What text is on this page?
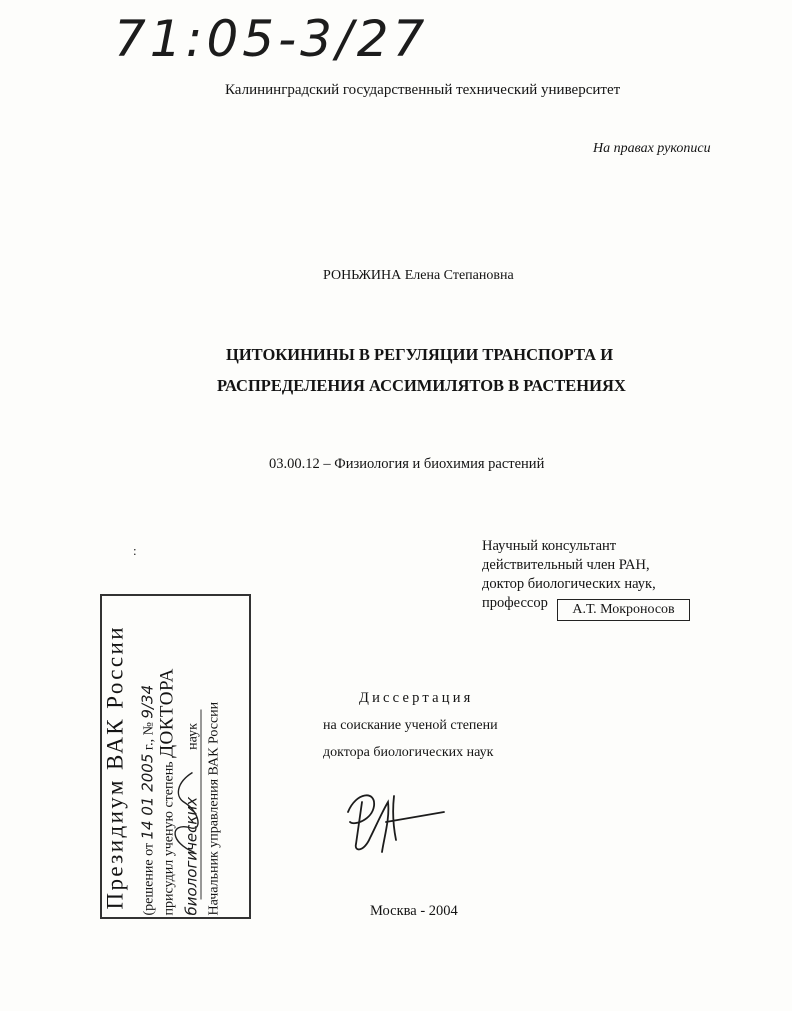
71:05-3/27
Калининградский государственный технический университет
На правах рукописи
РОНЬЖИНА Елена Степановна
ЦИТОКИНИНЫ В РЕГУЛЯЦИИ ТРАНСПОРТА И
РАСПРЕДЕЛЕНИЯ АССИМИЛЯТОВ В РАСТЕНИЯХ
03.00.12 – Физиология и биохимия растений
:	Научный консультант
действительный член РАН,
доктор биологических наук,
профессор	А.Т. Мокроносов
Диссертация
на соискание ученой степени
доктора биологических наук
Москва - 2004
Президиум ВАК России (решение от 14 01 2005 г., № 9/34
присудил ученую степень ДОКТОРА
биологических  наук Начальник управления ВАК России
